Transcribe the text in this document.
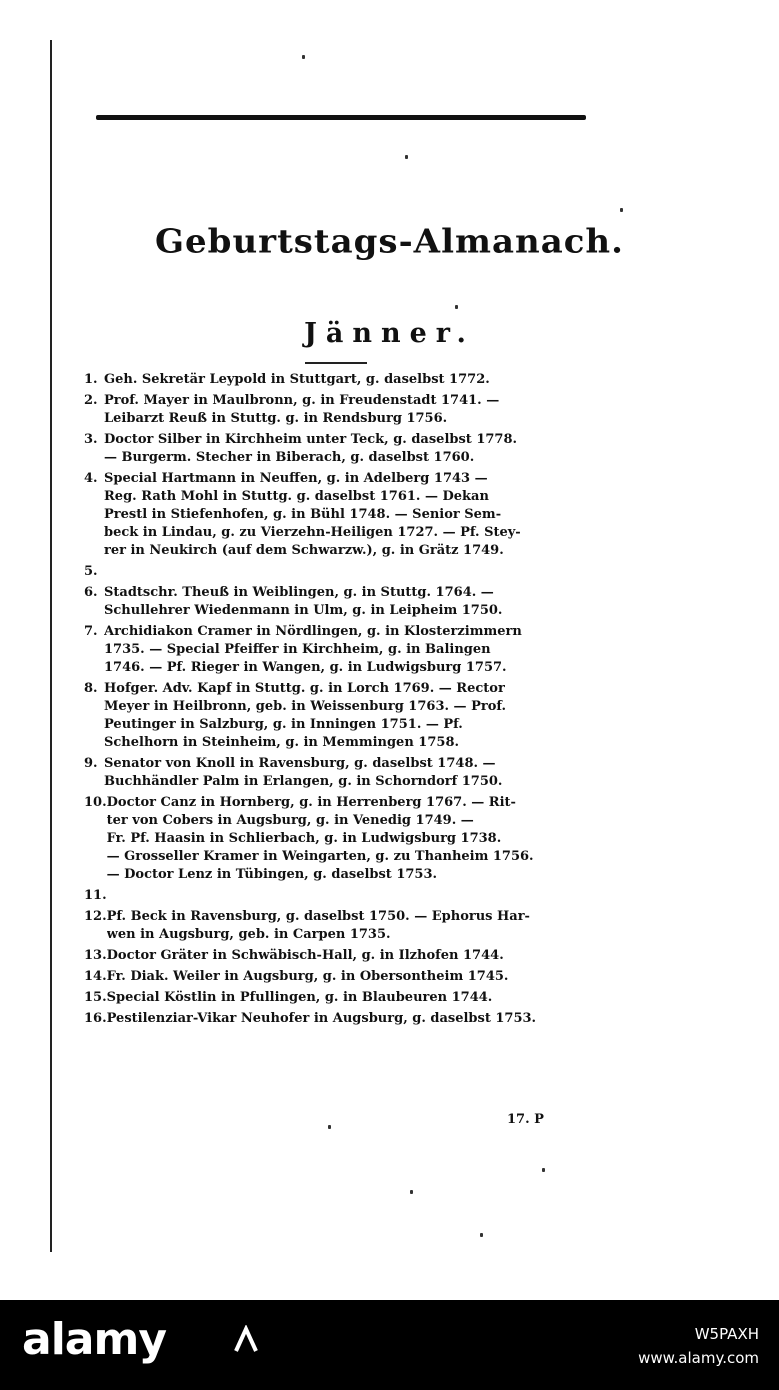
Geburtstags-Almanach.
Jänner.
1. Geh. Sekretär Leypold in Stuttgart, g. daselbst 1772.
2. Prof. Mayer in Maulbronn, g. in Freudenstadt 1741. —
Leibarzt Reuß in Stuttg. g. in Rendsburg 1756.
3. Doctor Silber in Kirchheim unter Teck, g. daselbst 1778.
— Burgerm. Stecher in Biberach, g. daselbst 1760.
4. Special Hartmann in Neuffen, g. in Adelberg 1743 —
Reg. Rath Mohl in Stuttg. g. daselbst 1761. — Dekan
Prestl in Stiefenhofen, g. in Bühl 1748. — Senior Sem-
beck in Lindau, g. zu Vierzehn-Heiligen 1727. — Pf. Stey-
rer in Neukirch (auf dem Schwarzw.), g. in Grätz 1749.
5.
6. Stadtschr. Theuß in Weiblingen, g. in Stuttg. 1764. —
Schullehrer Wiedenmann in Ulm, g. in Leipheim 1750.
7. Archidiakon Cramer in Nördlingen, g. in Klosterzimmern
1735. — Special Pfeiffer in Kirchheim, g. in Balingen
1746. — Pf. Rieger in Wangen, g. in Ludwigsburg 1757.
8. Hofger. Adv. Kapf in Stuttg. g. in Lorch 1769. — Rector
Meyer in Heilbronn, geb. in Weissenburg 1763. — Prof.
Peutinger in Salzburg, g. in Inningen 1751. — Pf.
Schelhorn in Steinheim, g. in Memmingen 1758.
9. Senator von Knoll in Ravensburg, g. daselbst 1748. —
Buchhändler Palm in Erlangen, g. in Schorndorf 1750.
10. Doctor Canz in Hornberg, g. in Herrenberg 1767. — Rit-
ter von Cobers in Augsburg, g. in Venedig 1749. —
Fr. Pf. Haasin in Schlierbach, g. in Ludwigsburg 1738.
— Grosseller Kramer in Weingarten, g. zu Thanheim 1756.
— Doctor Lenz in Tübingen, g. daselbst 1753.
11.
12. Pf. Beck in Ravensburg, g. daselbst 1750. — Ephorus Har-
wen in Augsburg, geb. in Carpen 1735.
13. Doctor Gräter in Schwäbisch-Hall, g. in Ilzhofen 1744.
14. Fr. Diak. Weiler in Augsburg, g. in Obersontheim 1745.
15. Special Köstlin in Pfullingen, g. in Blaubeuren 1744.
16. Pestilenziar-Vikar Neuhofer in Augsburg, g. daselbst 1753.
17. P
alamy	W5PAXH
www.alamy.com
